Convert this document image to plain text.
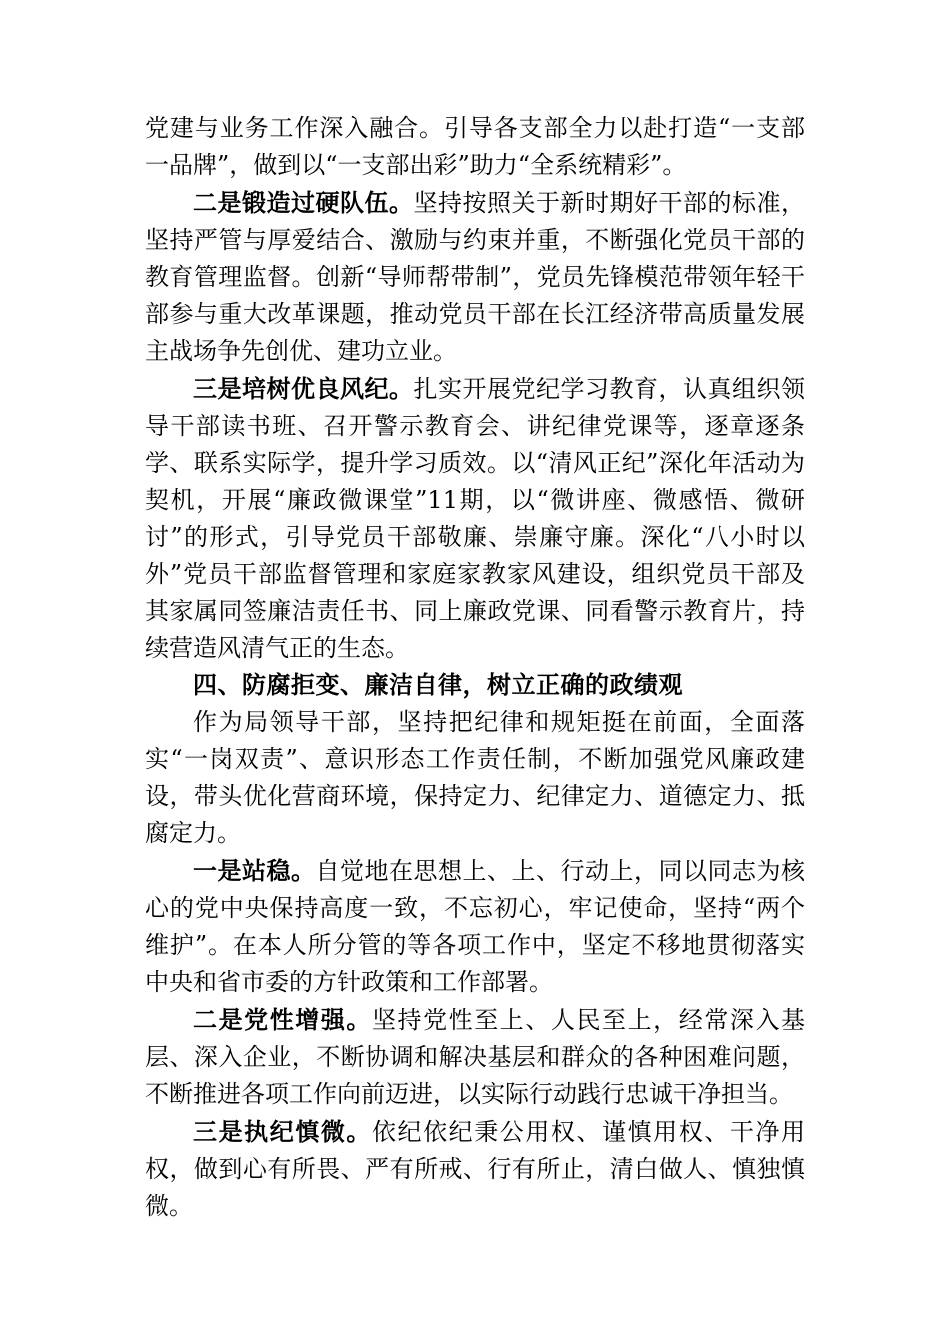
党建与业务工作深入融合。引导各支部全力以赴打造“一支部一品牌”，做到以“一支部出彩”助力“全系统精彩”。

二是锻造过硬队伍。坚持按照关于新时期好干部的标准，坚持严管与厚爱结合、激励与约束并重，不断强化党员干部的教育管理监督。创新“导师帮带制”，党员先锋模范带领年轻干部参与重大改革课题，推动党员干部在长江经济带高质量发展主战场争先创优、建功立业。

三是培树优良风纪。扎实开展党纪学习教育，认真组织领导干部读书班、召开警示教育会、讲纪律党课等，逐章逐条学、联系实际学，提升学习质效。以“清风正纪”深化年活动为契机，开展“廉政微课堂”11期，以“微讲座、微感悟、微研讨”的形式，引导党员干部敬廉、崇廉守廉。深化“八小时以外”党员干部监督管理和家庭家教家风建设，组织党员干部及其家属同签廉洁责任书、同上廉政党课、同看警示教育片，持续营造风清气正的生态。

四、防腐拒变、廉洁自律，树立正确的政绩观

作为局领导干部，坚持把纪律和规矩挺在前面，全面落实“一岗双责”、意识形态工作责任制，不断加强党风廉政建设，带头优化营商环境，保持定力、纪律定力、道德定力、抵腐定力。

一是站稳。自觉地在思想上、上、行动上，同以同志为核心的党中央保持高度一致，不忘初心，牢记使命，坚持“两个维护”。在本人所分管的等各项工作中，坚定不移地贯彻落实中央和省市委的方针政策和工作部署。

二是党性增强。坚持党性至上、人民至上，经常深入基层、深入企业，不断协调和解决基层和群众的各种困难问题，不断推进各项工作向前迈进，以实际行动践行忠诚干净担当。

三是执纪慎微。依纪依纪秉公用权、谨慎用权、干净用权，做到心有所畏、严有所戒、行有所止，清白做人、慎独慎微。
